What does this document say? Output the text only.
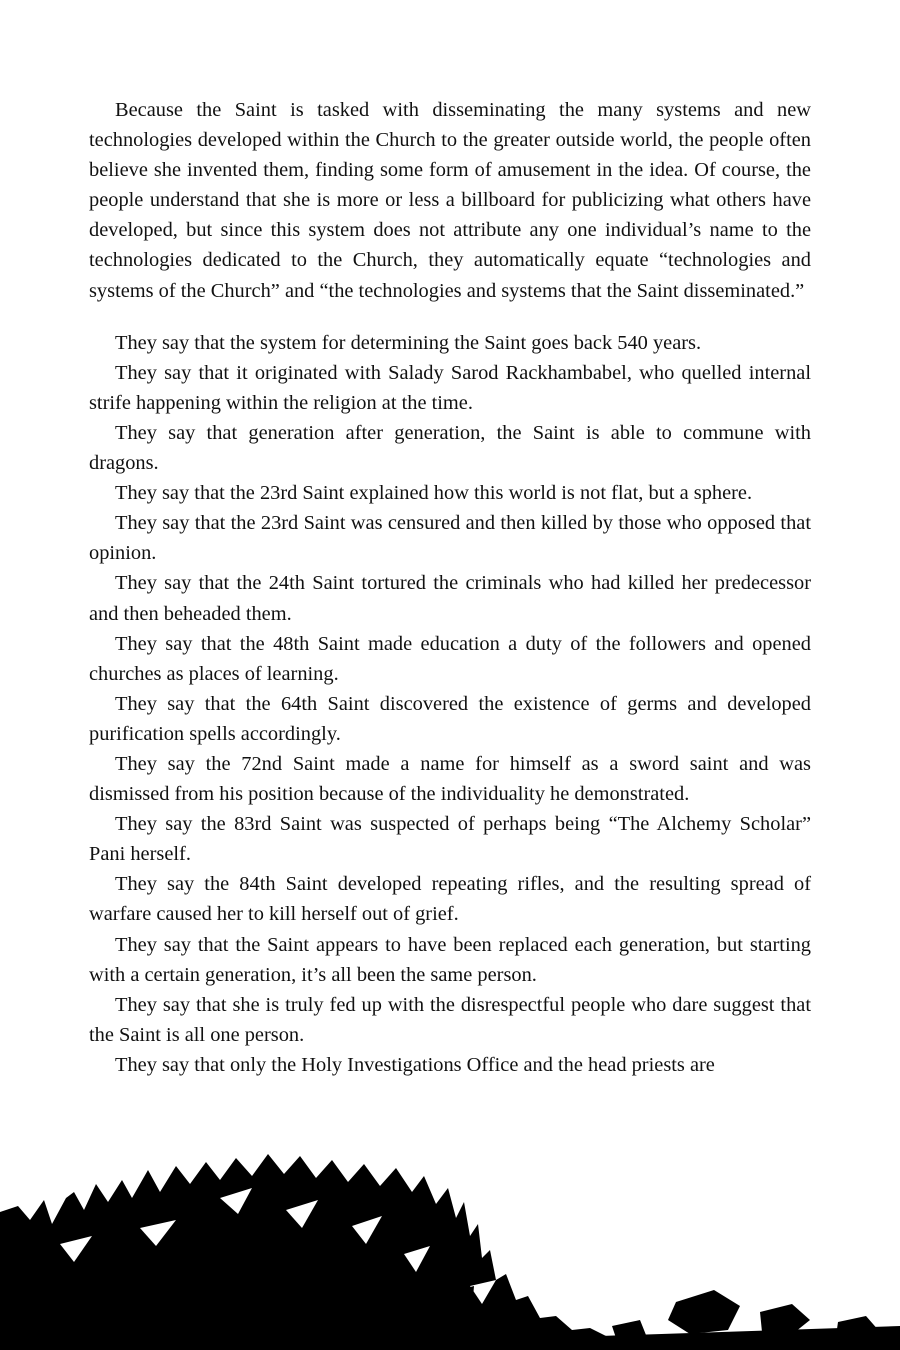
Because the Saint is tasked with disseminating the many systems and new technologies developed within the Church to the greater outside world, the people often believe she invented them, finding some form of amusement in the idea. Of course, the people understand that she is more or less a billboard for publicizing what others have developed, but since this system does not attribute any one individual’s name to the technologies dedicated to the Church, they automatically equate “technologies and systems of the Church” and “the technologies and systems that the Saint disseminated.”

They say that the system for determining the Saint goes back 540 years.

They say that it originated with Salady Sarod Rackhambabel, who quelled internal strife happening within the religion at the time.

They say that generation after generation, the Saint is able to commune with dragons.

They say that the 23rd Saint explained how this world is not flat, but a sphere.

They say that the 23rd Saint was censured and then killed by those who opposed that opinion.

They say that the 24th Saint tortured the criminals who had killed her predecessor and then beheaded them.

They say that the 48th Saint made education a duty of the followers and opened churches as places of learning.

They say that the 64th Saint discovered the existence of germs and developed purification spells accordingly.

They say the 72nd Saint made a name for himself as a sword saint and was dismissed from his position because of the individuality he demonstrated.

They say the 83rd Saint was suspected of perhaps being “The Alchemy Scholar” Pani herself.

They say the 84th Saint developed repeating rifles, and the resulting spread of warfare caused her to kill herself out of grief.

They say that the Saint appears to have been replaced each generation, but starting with a certain generation, it’s all been the same person.

They say that she is truly fed up with the disrespectful people who dare suggest that the Saint is all one person.

They say that only the Holy Investigations Office and the head priests are
